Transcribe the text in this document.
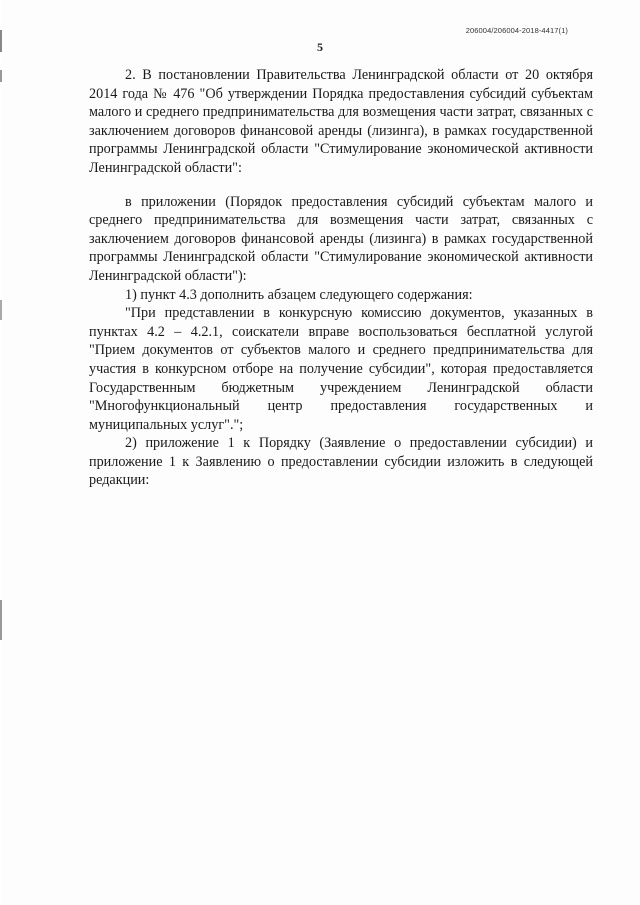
206004/206004-2018-4417(1)
5

2. В постановлении Правительства Ленинградской области от 20 октября 2014 года № 476 "Об утверждении Порядка предоставления субсидий субъектам малого и среднего предпринимательства для возмещения части затрат, связанных с заключением договоров финансовой аренды (лизинга), в рамках государственной программы Ленинградской области "Стимулирование экономической активности Ленинградской области":

в приложении (Порядок предоставления субсидий субъектам малого и среднего предпринимательства для возмещения части затрат, связанных с заключением договоров финансовой аренды (лизинга) в рамках государственной программы Ленинградской области "Стимулирование экономической активности Ленинградской области"):

1) пункт 4.3 дополнить абзацем следующего содержания:

"При представлении в конкурсную комиссию документов, указанных в пунктах 4.2 – 4.2.1, соискатели вправе воспользоваться бесплатной услугой "Прием документов от субъектов малого и среднего предпринимательства для участия в конкурсном отборе на получение субсидии", которая предоставляется Государственным бюджетным учреждением Ленинградской области "Многофункциональный центр предоставления государственных и муниципальных услуг".";

2) приложение 1 к Порядку (Заявление о предоставлении субсидии) и приложение 1 к Заявлению о предоставлении субсидии изложить в следующей редакции:
